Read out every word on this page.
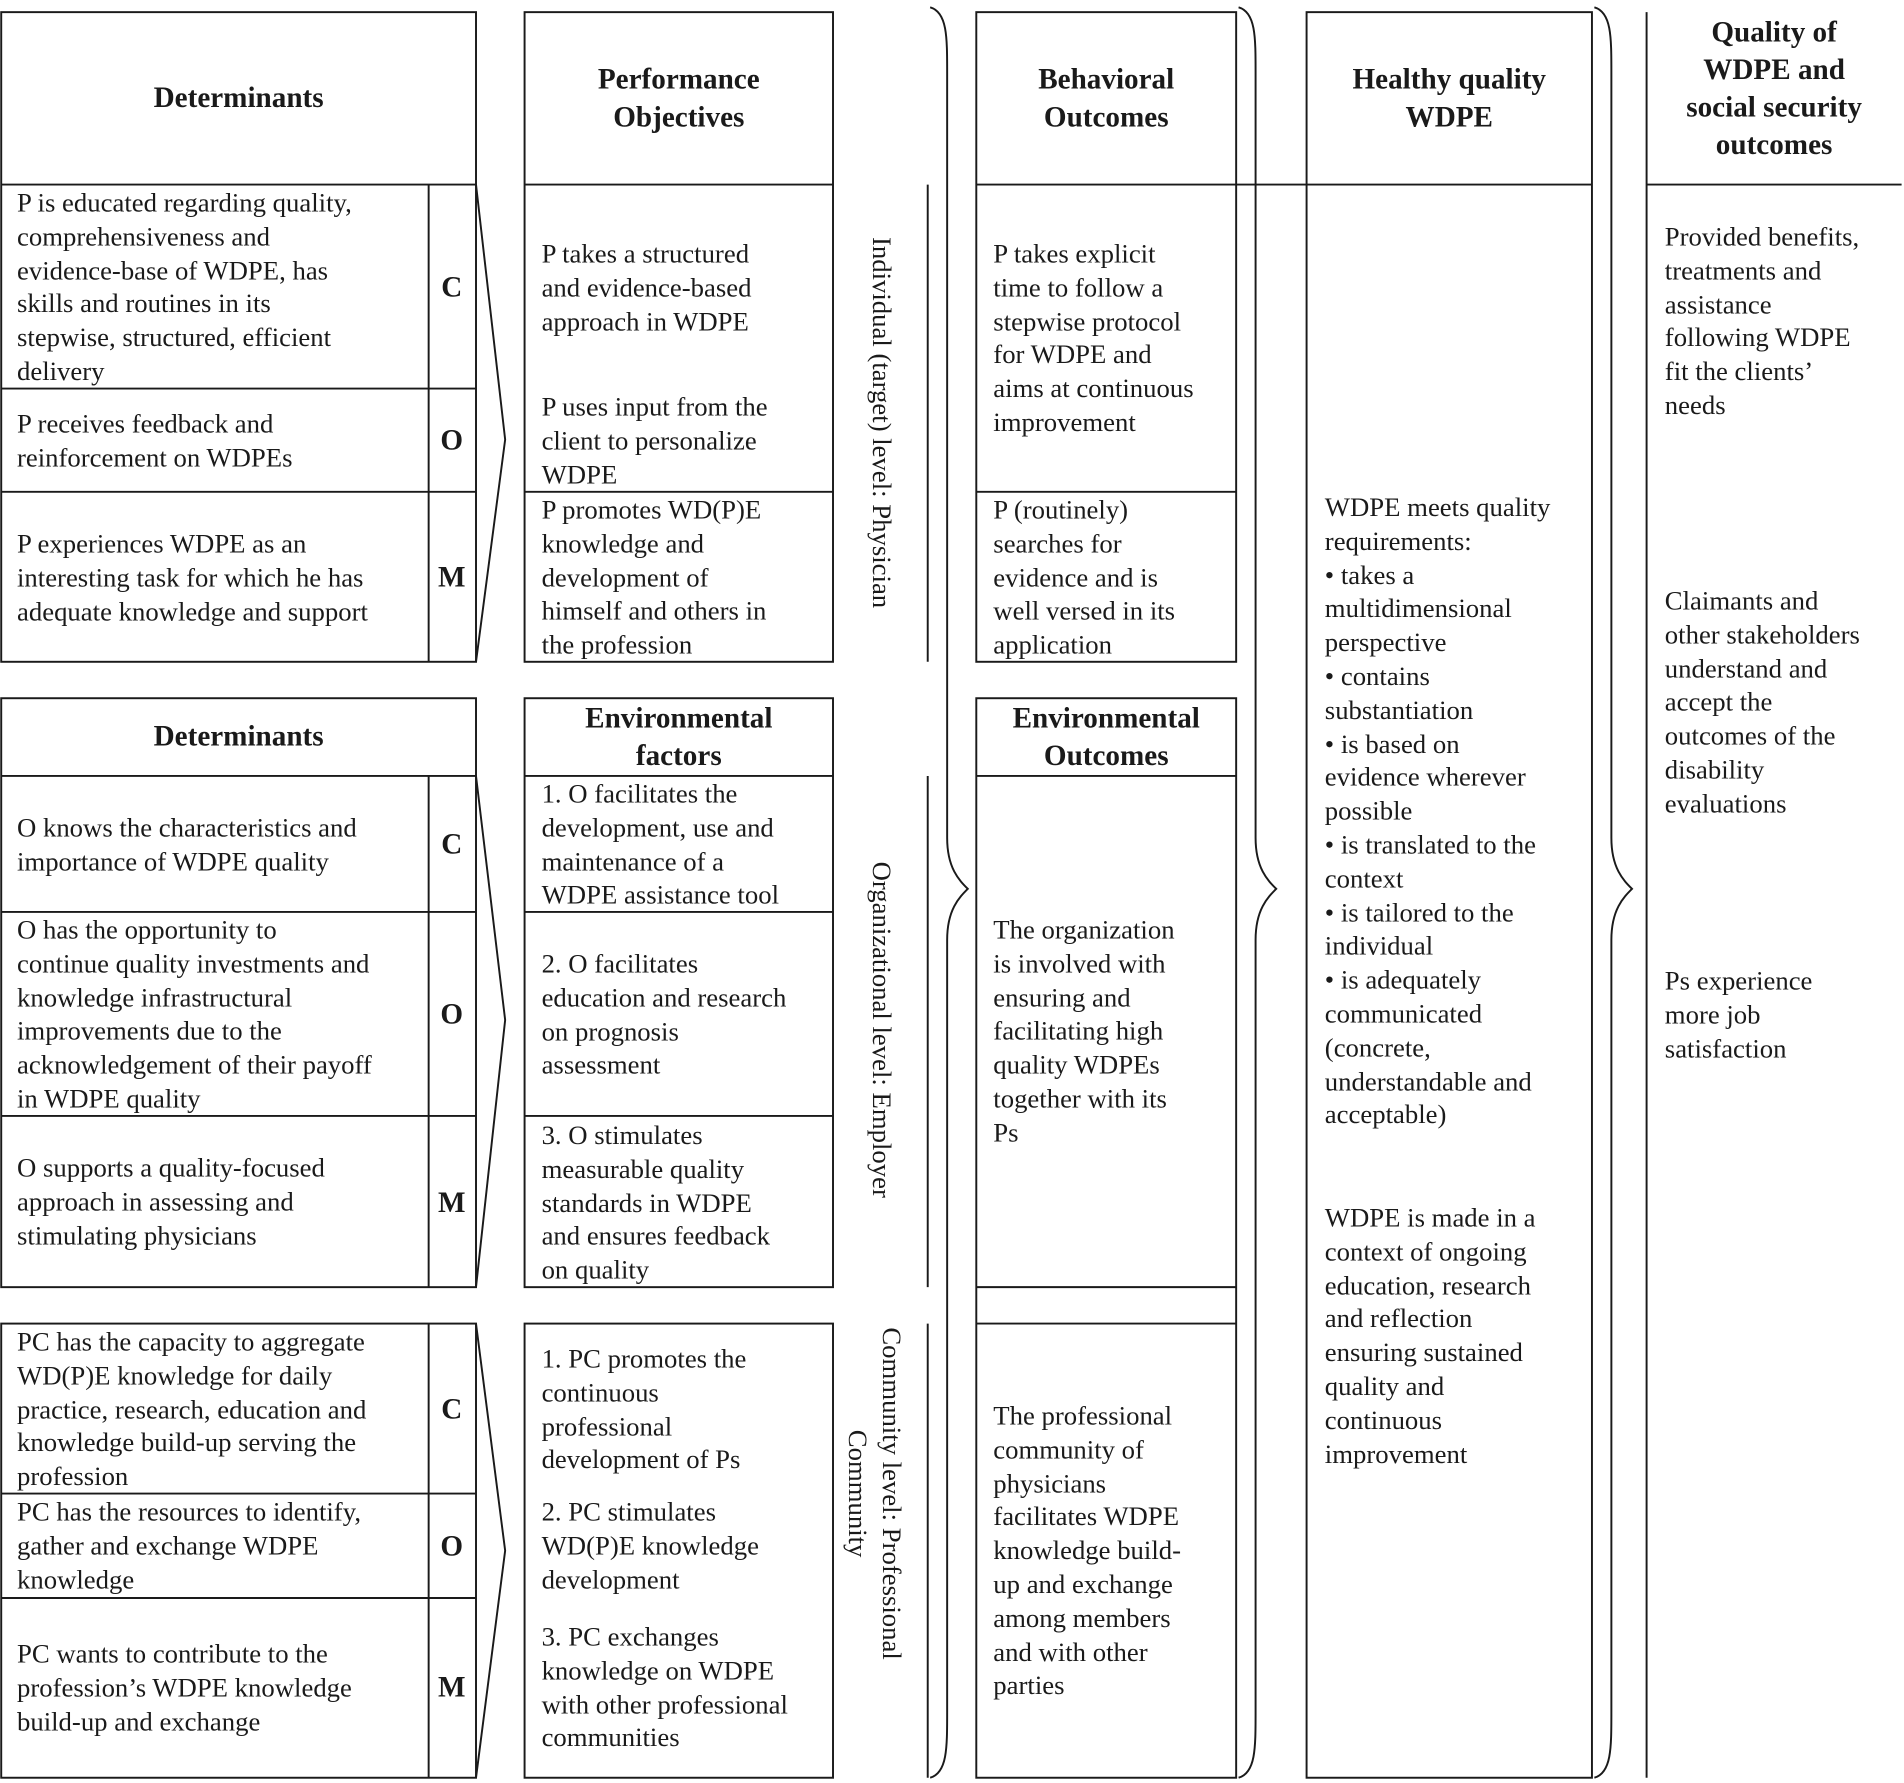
Determinants

Performance
Objectives

Behavioral
Outcomes

Healthy quality
WDPE

Quality of
WDPE and
social security
outcomes

Determinants

Environmental
factors

Environmental
Outcomes

P is educated regarding quality,
comprehensiveness and
evidence-base of WDPE, has
skills and routines in its
stepwise, structured, efficient
delivery

C

P receives feedback and
reinforcement on WDPEs

O

P experiences WDPE as an
interesting task for which he has
adequate knowledge and support

M

P takes a structured
and evidence-based
approach in WDPE

P uses input from the
client to personalize
WDPE

P promotes WD(P)E
knowledge and
development of
himself and others in
the profession

P takes explicit
time to follow a
stepwise protocol
for WDPE and
aims at continuous
improvement

P (routinely)
searches for
evidence and is
well versed in its
application

Individual (target) level: Physician

Organizational level: Employer

Community level: Professional
Community

O knows the characteristics and
importance of WDPE quality

C

O has the opportunity to
continue quality investments and
knowledge infrastructural
improvements due to the
acknowledgement of their payoff
in WDPE quality

O

O supports a quality-focused
approach in assessing and
stimulating physicians

M

1. O facilitates the
development, use and
maintenance of a
WDPE assistance tool

2. O facilitates
education and research
on prognosis
assessment

3. O stimulates
measurable quality
standards in WDPE
and ensures feedback
on quality

The organization
is involved with
ensuring and
facilitating high
quality WDPEs
together with its
Ps

PC has the capacity to aggregate
WD(P)E knowledge for daily
practice, research, education and
knowledge build-up serving the
profession

C

PC has the resources to identify,
gather and exchange WDPE
knowledge

O

PC wants to contribute to the
profession’s WDPE knowledge
build-up and exchange

M

1. PC promotes the
continuous
professional
development of Ps

2. PC stimulates
WD(P)E knowledge
development

3. PC exchanges
knowledge on WDPE
with other professional
communities

The professional
community of
physicians
facilitates WDPE
knowledge build-
up and exchange
among members
and with other
parties

WDPE meets quality
requirements:
• takes a
multidimensional
perspective
• contains
substantiation
• is based on
evidence wherever
possible
• is translated to the
context
• is tailored to the
individual
• is adequately
communicated
(concrete,
understandable and
acceptable)

WDPE is made in a
context of ongoing
education, research
and reflection
ensuring sustained
quality and
continuous
improvement

Provided benefits,
treatments and
assistance
following WDPE
fit the clients’
needs

Claimants and
other stakeholders
understand and
accept the
outcomes of the
disability
evaluations

Ps experience
more job
satisfaction
